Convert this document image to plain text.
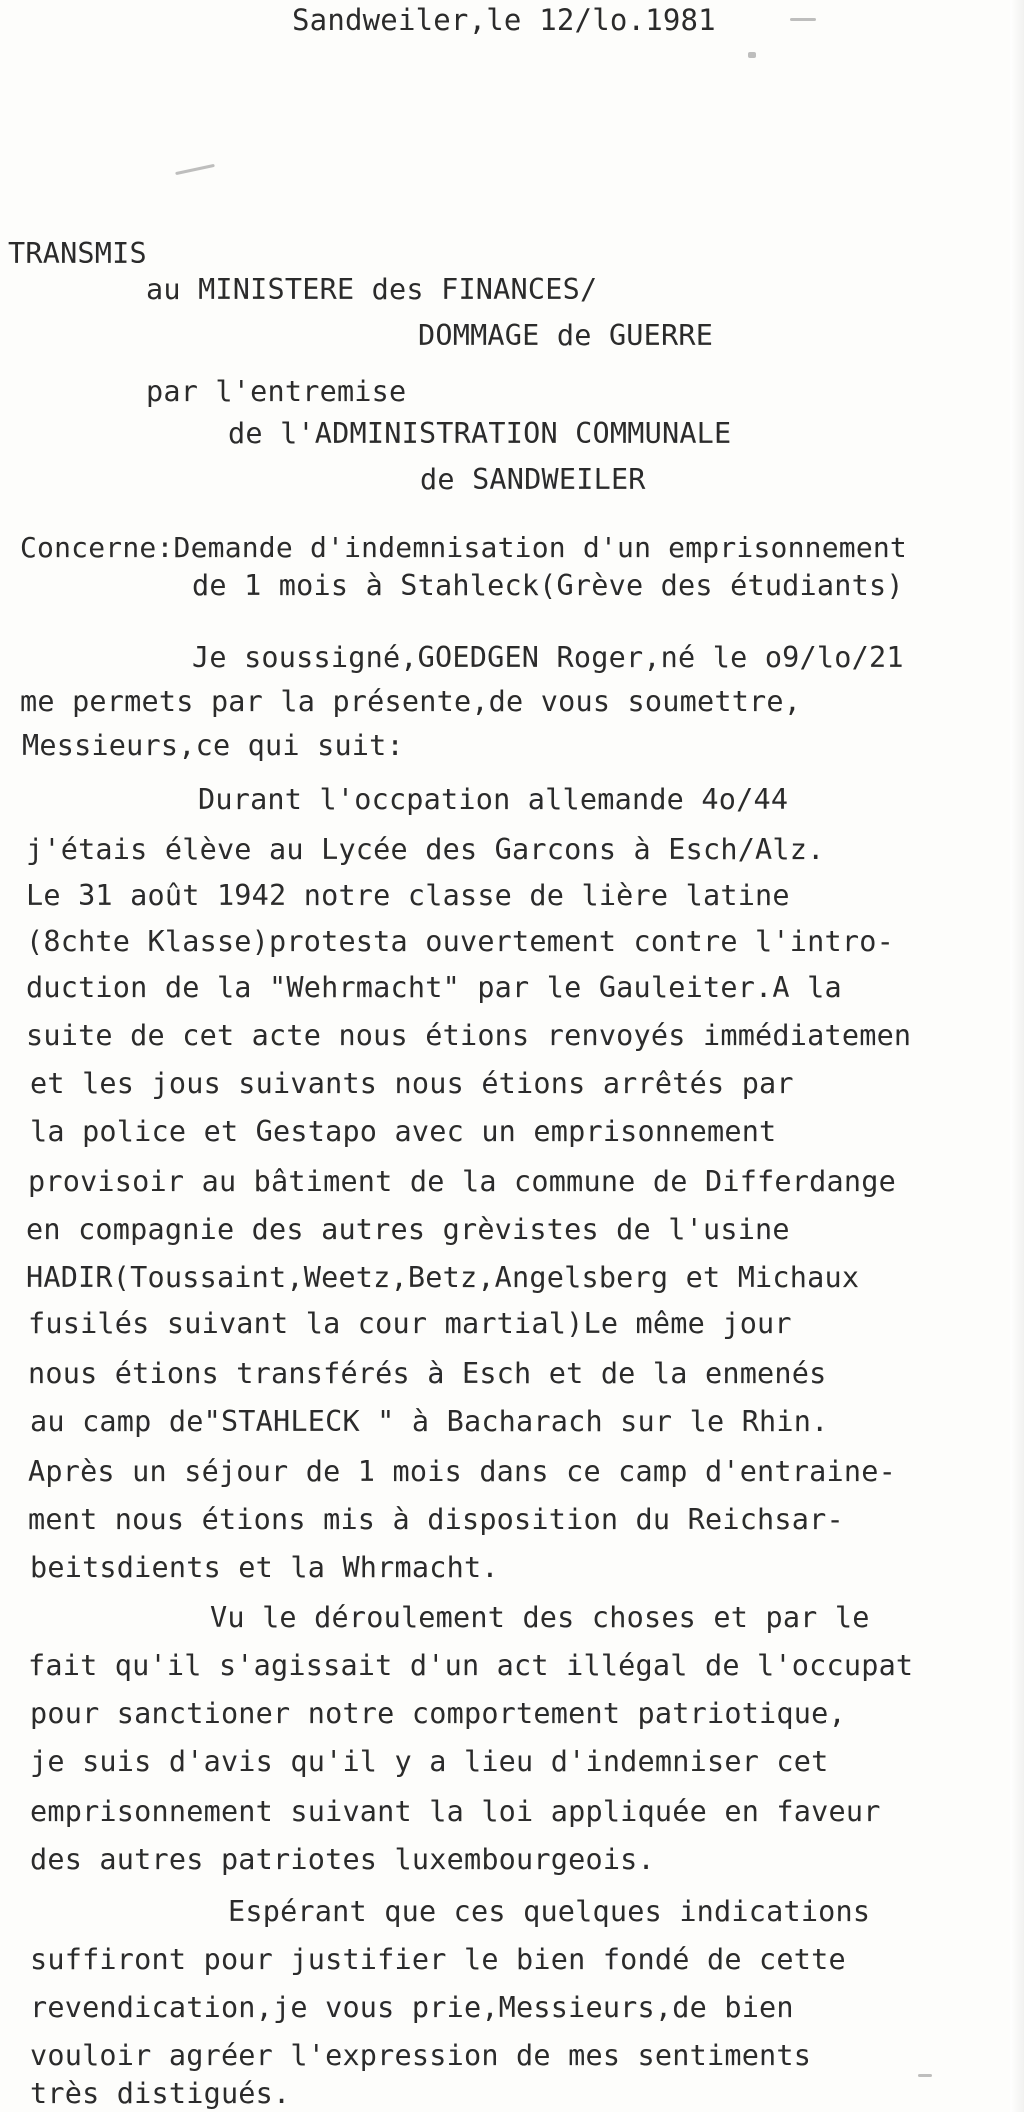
Sandweiler,le 12/lo.1981
TRANSMIS
au MINISTERE des FINANCES/
DOMMAGE de GUERRE
par l'entremise
de l'ADMINISTRATION COMMUNALE
de SANDWEILER
Concerne:Demande d'indemnisation d'un emprisonnement
de 1 mois à Stahleck(Grève des étudiants)
Je soussigné,GOEDGEN Roger,né le o9/lo/21
me permets par la présente,de vous soumettre,
Messieurs,ce qui suit:
Durant l'occpation allemande 4o/44
j'étais élève au Lycée des Garcons à Esch/Alz.
Le 31 août 1942 notre classe de lière latine
(8chte Klasse)protesta ouvertement contre l'intro-
duction de la "Wehrmacht" par le Gauleiter.A la
suite de cet acte nous étions renvoyés immédiatemen
et les jous suivants nous étions arrêtés par
la police et Gestapo avec un emprisonnement
provisoir au bâtiment de la commune de Differdange
en compagnie des autres grèvistes de l'usine
HADIR(Toussaint,Weetz,Betz,Angelsberg et Michaux
fusilés suivant la cour martial)Le même jour
nous étions transférés à Esch et de la enmenés
au camp de"STAHLECK " à Bacharach sur le Rhin.
Après un séjour de 1 mois dans ce camp d'entraine-
ment nous étions mis à disposition du Reichsar-
beitsdients et la Whrmacht.
Vu le déroulement des choses et par le
fait qu'il s'agissait d'un act illégal de l'occupat
pour sanctioner notre comportement patriotique,
je suis d'avis qu'il y a lieu d'indemniser cet
emprisonnement suivant la loi appliquée en faveur
des autres patriotes luxembourgeois.
Espérant que ces quelques indications
suffiront pour justifier le bien fondé de cette
revendication,je vous prie,Messieurs,de bien
vouloir agréer l'expression de mes sentiments
très distigués.
